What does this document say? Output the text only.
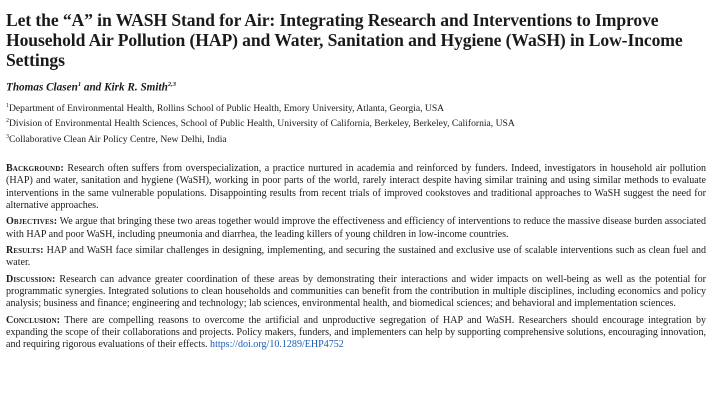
Let the “A” in WASH Stand for Air: Integrating Research and Interventions to Improve Household Air Pollution (HAP) and Water, Sanitation and Hygiene (WaSH) in Low-Income Settings
Thomas Clasen$^1$ and Kirk R. Smith$^{2,3}$
$^1$Department of Environmental Health, Rollins School of Public Health, Emory University, Atlanta, Georgia, USA
$^2$Division of Environmental Health Sciences, School of Public Health, University of California, Berkeley, Berkeley, California, USA
$^3$Collaborative Clean Air Policy Centre, New Delhi, India

Background: Research often suffers from overspecialization, a practice nurtured in academia and reinforced by funders. Indeed, investigators in household air pollution (HAP) and water, sanitation and hygiene (WaSH), working in poor parts of the world, rarely interact despite having similar training and using similar methods to evaluate interventions in the same vulnerable populations. Disappointing results from recent trials of improved cookstoves and traditional approaches to WaSH suggest the need for alternative approaches.

Objectives: We argue that bringing these two areas together would improve the effectiveness and efficiency of interventions to reduce the massive disease burden associated with HAP and poor WaSH, including pneumonia and diarrhea, the leading killers of young children in low-income countries.

Results: HAP and WaSH face similar challenges in designing, implementing, and securing the sustained and exclusive use of scalable interventions such as clean fuel and water.

Discussion: Research can advance greater coordination of these areas by demonstrating their interactions and wider impacts on well-being as well as the potential for programmatic synergies. Integrated solutions to clean households and communities can benefit from the contribution in multiple disciplines, including economics and policy analysis; business and finance; engineering and technology; lab sciences, environmental health, and biomedical sciences; and behavioral and implementation sciences.

Conclusion: There are compelling reasons to overcome the artificial and unproductive segregation of HAP and WaSH. Researchers should encourage integration by expanding the scope of their collaborations and projects. Policy makers, funders, and implementers can help by supporting comprehensive solutions, encouraging innovation, and requiring rigorous evaluations of their effects. https://doi.org/10.1289/EHP4752
